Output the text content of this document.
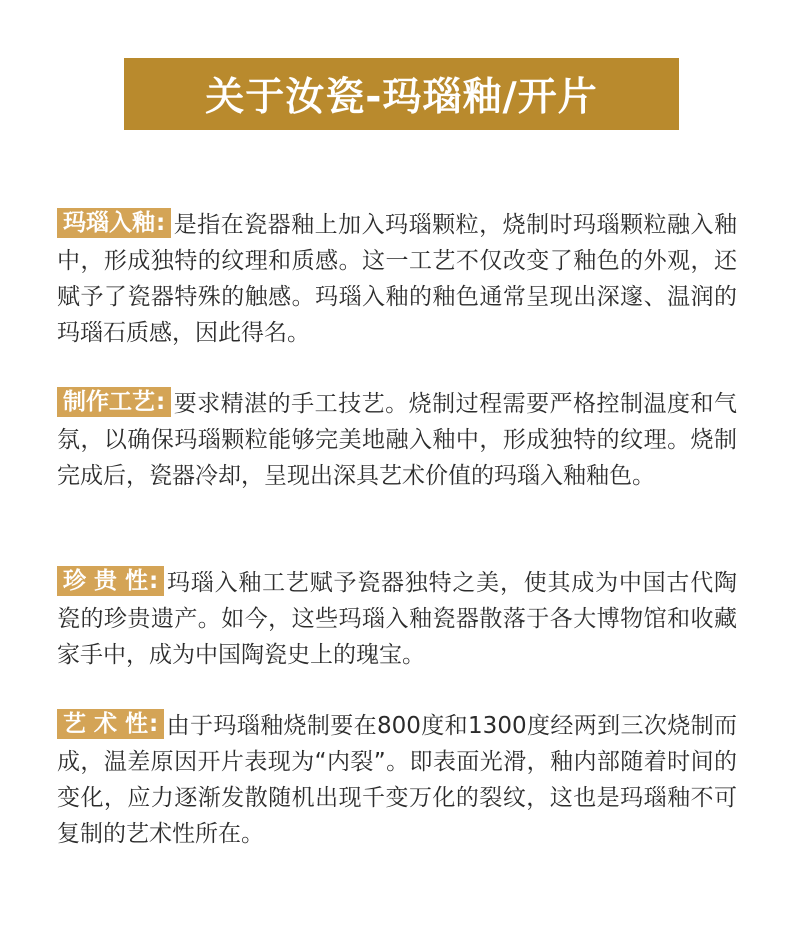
关于汝瓷-玛瑙釉/开片

玛瑙入釉: 是指在瓷器釉上加入玛瑙颗粒，烧制时玛瑙颗粒融入釉中，形成独特的纹理和质感。这一工艺不仅改变了釉色的外观，还赋予了瓷器特殊的触感。玛瑙入釉的釉色通常呈现出深邃、温润的玛瑙石质感，因此得名。

制作工艺: 要求精湛的手工技艺。烧制过程需要严格控制温度和气氛，以确保玛瑙颗粒能够完美地融入釉中，形成独特的纹理。烧制完成后，瓷器冷却，呈现出深具艺术价值的玛瑙入釉釉色。

珍 贵 性: 玛瑙入釉工艺赋予瓷器独特之美，使其成为中国古代陶瓷的珍贵遗产。如今，这些玛瑙入釉瓷器散落于各大博物馆和收藏家手中，成为中国陶瓷史上的瑰宝。

艺 术 性: 由于玛瑙釉烧制要在800度和1300度经两到三次烧制而成，温差原因开片表现为“内裂”。即表面光滑，釉内部随着时间的变化，应力逐渐发散随机出现千变万化的裂纹，这也是玛瑙釉不可复制的艺术性所在。
